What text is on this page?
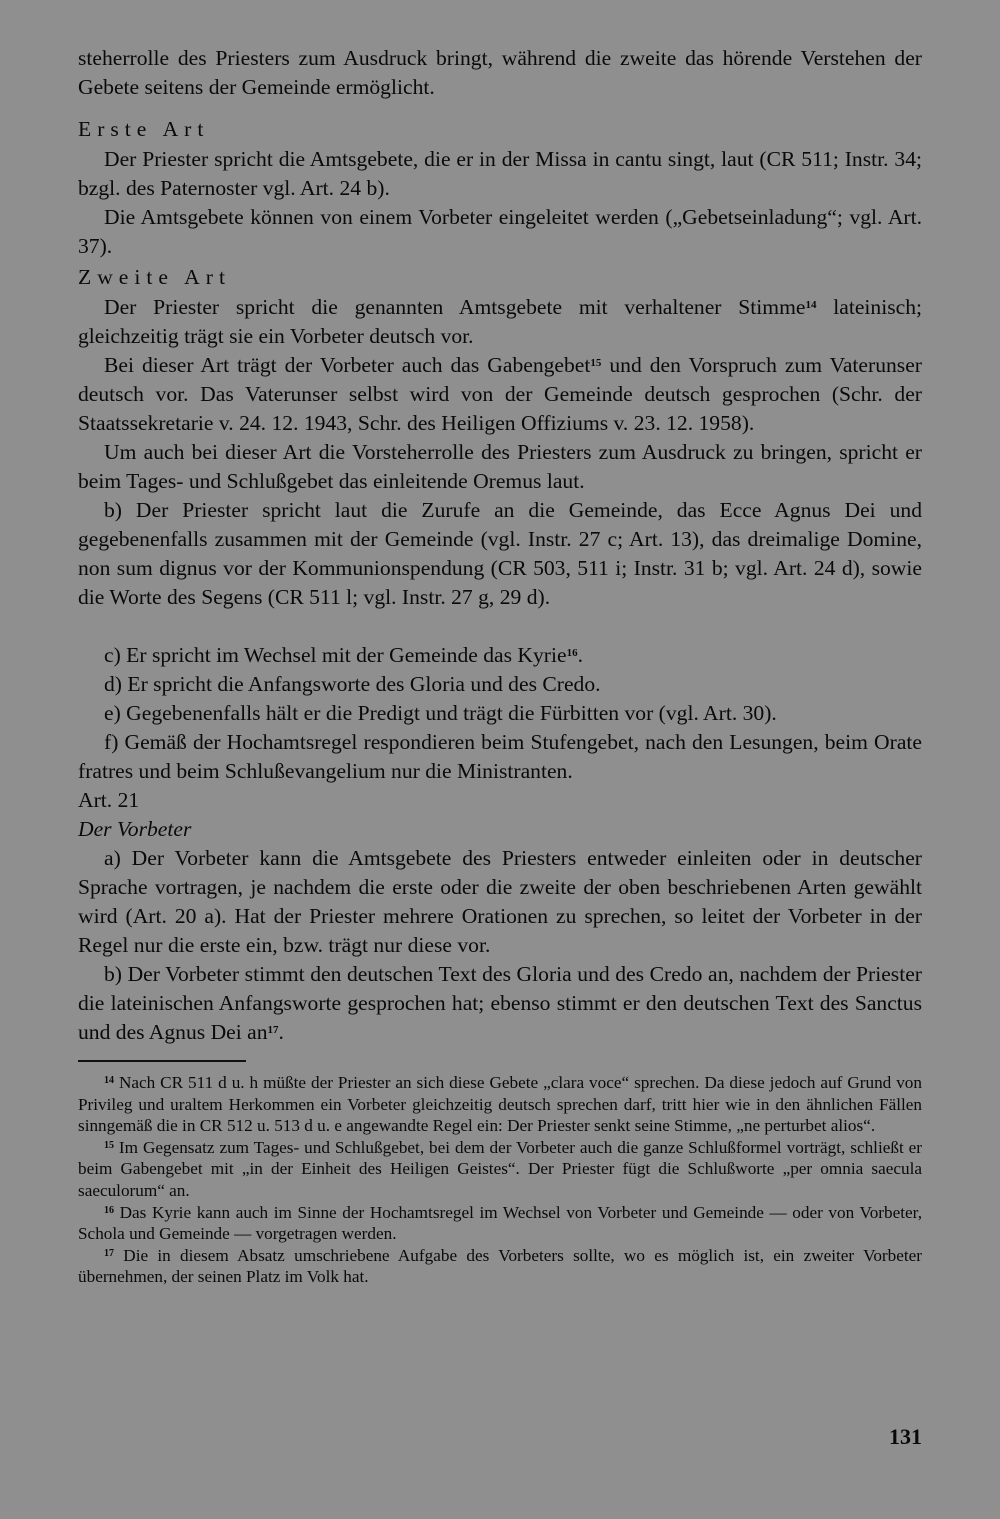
steherrolle des Priesters zum Ausdruck bringt, während die zweite das hörende Verstehen der Gebete seitens der Gemeinde ermöglicht.

Erste Art

Der Priester spricht die Amtsgebete, die er in der Missa in cantu singt, laut (CR 511; Instr. 34; bzgl. des Paternoster vgl. Art. 24 b).

Die Amtsgebete können von einem Vorbeter eingeleitet werden („Gebetseinladung“; vgl. Art. 37).

Zweite Art

Der Priester spricht die genannten Amtsgebete mit verhaltener Stimme$^{14}$ lateinisch; gleichzeitig trägt sie ein Vorbeter deutsch vor.

Bei dieser Art trägt der Vorbeter auch das Gabengebet$^{15}$ und den Vorspruch zum Vaterunser deutsch vor. Das Vaterunser selbst wird von der Gemeinde deutsch gesprochen (Schr. der Staatssekretarie v. 24. 12. 1943, Schr. des Heiligen Offiziums v. 23. 12. 1958).

Um auch bei dieser Art die Vorsteherrolle des Priesters zum Ausdruck zu bringen, spricht er beim Tages- und Schlußgebet das einleitende Oremus laut.

b) Der Priester spricht laut die Zurufe an die Gemeinde, das Ecce Agnus Dei und gegebenenfalls zusammen mit der Gemeinde (vgl. Instr. 27 c; Art. 13), das dreimalige Domine, non sum dignus vor der Kommunionspendung (CR 503, 511 i; Instr. 31 b; vgl. Art. 24 d), sowie die Worte des Segens (CR 511 l; vgl. Instr. 27 g, 29 d).

c) Er spricht im Wechsel mit der Gemeinde das Kyrie$^{16}$.

d) Er spricht die Anfangsworte des Gloria und des Credo.

e) Gegebenenfalls hält er die Predigt und trägt die Fürbitten vor (vgl. Art. 30).

f) Gemäß der Hochamtsregel respondieren beim Stufengebet, nach den Lesungen, beim Orate fratres und beim Schlußevangelium nur die Ministranten.

Art. 21

Der Vorbeter

a) Der Vorbeter kann die Amtsgebete des Priesters entweder einleiten oder in deutscher Sprache vortragen, je nachdem die erste oder die zweite der oben beschriebenen Arten gewählt wird (Art. 20 a). Hat der Priester mehrere Orationen zu sprechen, so leitet der Vorbeter in der Regel nur die erste ein, bzw. trägt nur diese vor.

b) Der Vorbeter stimmt den deutschen Text des Gloria und des Credo an, nachdem der Priester die lateinischen Anfangsworte gesprochen hat; ebenso stimmt er den deutschen Text des Sanctus und des Agnus Dei $an^{17}$.

$^{14}$ Nach CR 511 d u. h müßte der Priester an sich diese Gebete „clara voce“ sprechen. Da diese jedoch auf Grund von Privileg und uraltem Herkommen ein Vorbeter gleichzeitig deutsch sprechen darf, tritt hier wie in den ähnlichen Fällen sinngemäß die in CR 512 u. 513 d u. e angewandte Regel ein: Der Priester senkt seine Stimme, „ne perturbet alios“.

$^{15}$ Im Gegensatz zum Tages- und Schlußgebet, bei dem der Vorbeter auch die ganze Schlußformel vorträgt, schließt er beim Gabengebet mit „in der Einheit des Heiligen Geistes“. Der Priester fügt die Schlußworte „per omnia saecula saeculorum“ an.

$^{16}$ Das Kyrie kann auch im Sinne der Hochamtsregel im Wechsel von Vorbeter und Gemeinde — oder von Vorbeter, Schola und Gemeinde — vorgetragen werden.

$^{17}$ Die in diesem Absatz umschriebene Aufgabe des Vorbeters sollte, wo es möglich ist, ein zweiter Vorbeter übernehmen, der seinen Platz im Volk hat.

131
